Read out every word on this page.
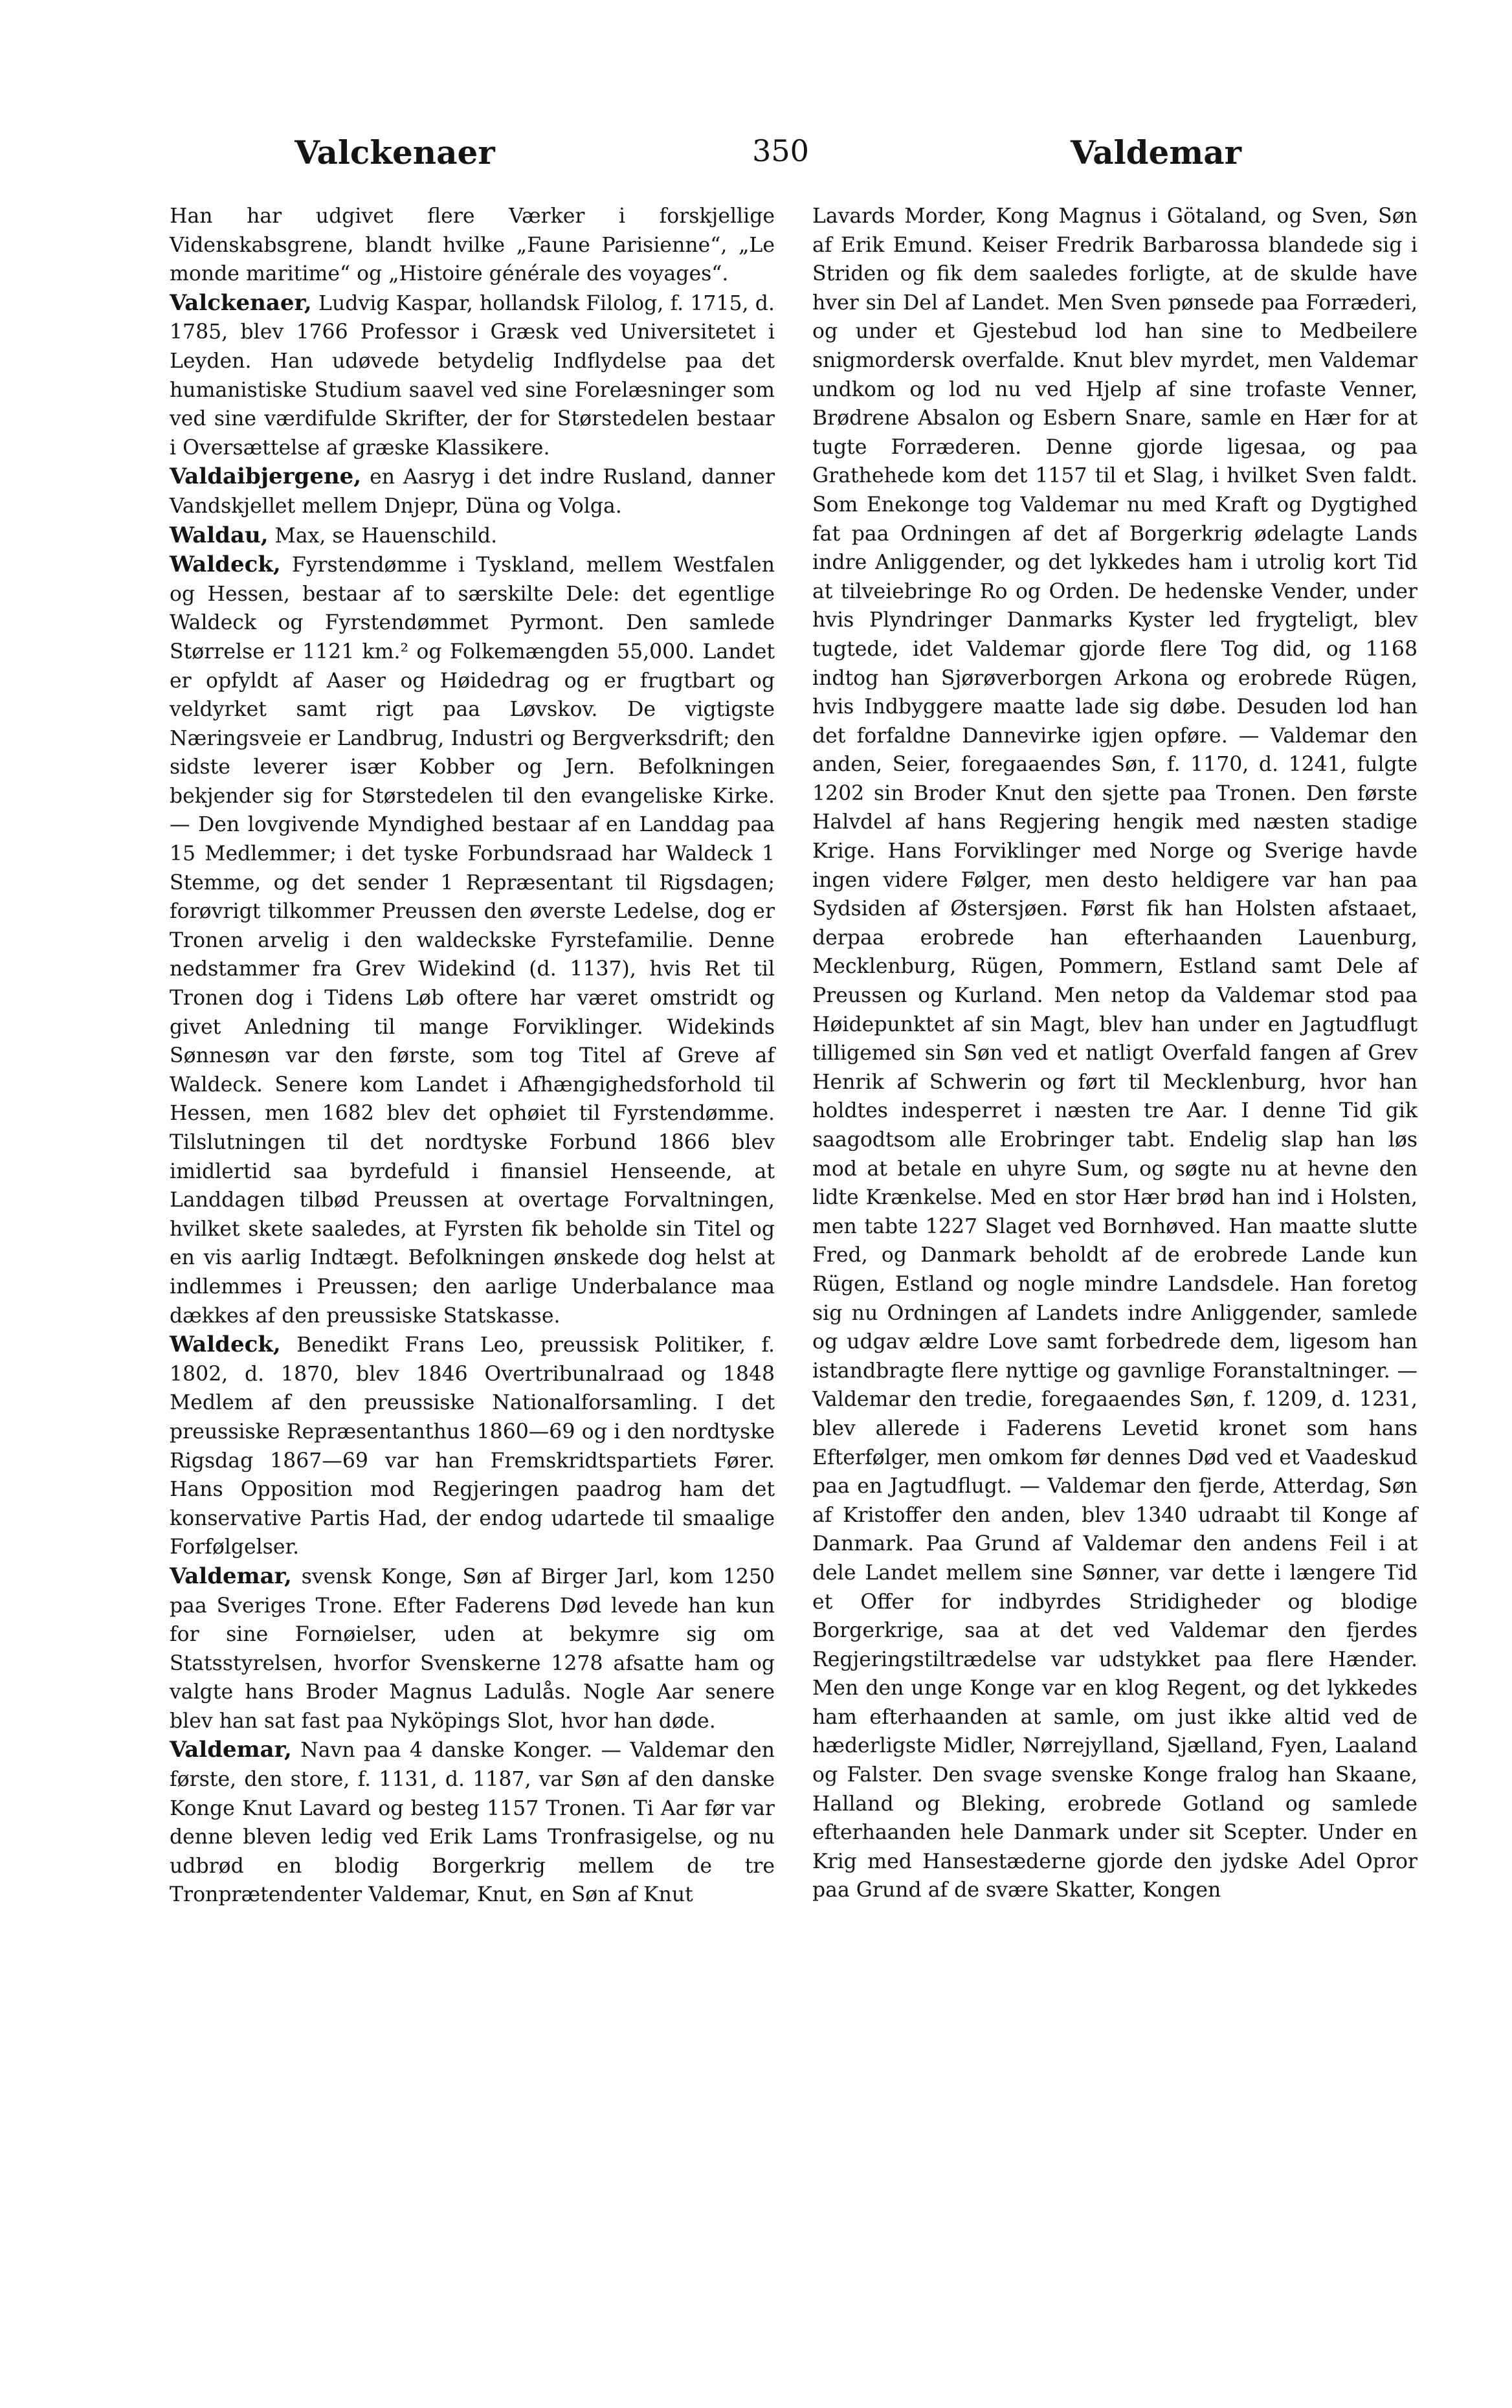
Valckenaer	350	Valdemar

Han har udgivet flere Værker i forskjellige Videnskabsgrene, blandt hvilke „Faune Parisienne“, „Le monde maritime“ og „Histoire générale des voyages“.

Valckenaer, Ludvig Kaspar, hollandsk Filolog, f. 1715, d. 1785, blev 1766 Professor i Græsk ved Universitetet i Leyden. Han udøvede betydelig Indflydelse paa det humanistiske Studium saavel ved sine Forelæsninger som ved sine værdifulde Skrifter, der for Størstedelen bestaar i Oversættelse af græske Klassikere.

Valdaibjergene, en Aasryg i det indre Rusland, danner Vandskjellet mellem Dnjepr, Düna og Volga.

Waldau, Max, se Hauenschild.

Waldeck, Fyrstendømme i Tyskland, mellem Westfalen og Hessen, bestaar af to særskilte Dele: det egentlige Waldeck og Fyrstendømmet Pyrmont. Den samlede Størrelse er 1121 km.² og Folkemængden 55,000. Landet er opfyldt af Aaser og Høidedrag og er frugtbart og veldyrket samt rigt paa Løvskov. De vigtigste Næringsveie er Landbrug, Industri og Bergverksdrift; den sidste leverer især Kobber og Jern. Befolkningen bekjender sig for Størstedelen til den evangeliske Kirke. — Den lovgivende Myndighed bestaar af en Landdag paa 15 Medlemmer; i det tyske Forbundsraad har Waldeck 1 Stemme, og det sender 1 Repræsentant til Rigsdagen; forøvrigt tilkommer Preussen den øverste Ledelse, dog er Tronen arvelig i den waldeckske Fyrstefamilie. Denne nedstammer fra Grev Widekind (d. 1137), hvis Ret til Tronen dog i Tidens Løb oftere har været omstridt og givet Anledning til mange Forviklinger. Widekinds Sønnesøn var den første, som tog Titel af Greve af Waldeck. Senere kom Landet i Afhængighedsforhold til Hessen, men 1682 blev det ophøiet til Fyrstendømme. Tilslutningen til det nordtyske Forbund 1866 blev imidlertid saa byrdefuld i finansiel Henseende, at Landdagen tilbød Preussen at overtage Forvaltningen, hvilket skete saaledes, at Fyrsten fik beholde sin Titel og en vis aarlig Indtægt. Befolkningen ønskede dog helst at indlemmes i Preussen; den aarlige Underbalance maa dækkes af den preussiske Statskasse.

Waldeck, Benedikt Frans Leo, preussisk Politiker, f. 1802, d. 1870, blev 1846 Overtribunalraad og 1848 Medlem af den preussiske Nationalforsamling. I det preussiske Repræsentanthus 1860—69 og i den nordtyske Rigsdag 1867—69 var han Fremskridtspartiets Fører. Hans Opposition mod Regjeringen paadrog ham det konservative Partis Had, der endog udartede til smaalige Forfølgelser.

Valdemar, svensk Konge, Søn af Birger Jarl, kom 1250 paa Sveriges Trone. Efter Faderens Død levede han kun for sine Fornøielser, uden at bekymre sig om Statsstyrelsen, hvorfor Svenskerne 1278 afsatte ham og valgte hans Broder Magnus Ladulås. Nogle Aar senere blev han sat fast paa Nyköpings Slot, hvor han døde.

Valdemar, Navn paa 4 danske Konger. — Valdemar den første, den store, f. 1131, d. 1187, var Søn af den danske Konge Knut Lavard og besteg 1157 Tronen. Ti Aar før var denne bleven ledig ved Erik Lams Tronfrasigelse, og nu udbrød en blodig Borgerkrig mellem de tre Tronprætendenter Valdemar, Knut, en Søn af Knut

Lavards Morder, Kong Magnus i Götaland, og Sven, Søn af Erik Emund. Keiser Fredrik Barbarossa blandede sig i Striden og fik dem saaledes forligte, at de skulde have hver sin Del af Landet. Men Sven pønsede paa Forræderi, og under et Gjestebud lod han sine to Medbeilere snigmordersk overfalde. Knut blev myrdet, men Valdemar undkom og lod nu ved Hjelp af sine trofaste Venner, Brødrene Absalon og Esbern Snare, samle en Hær for at tugte Forræderen. Denne gjorde ligesaa, og paa Grathehede kom det 1157 til et Slag, i hvilket Sven faldt. Som Enekonge tog Valdemar nu med Kraft og Dygtighed fat paa Ordningen af det af Borgerkrig ødelagte Lands indre Anliggender, og det lykkedes ham i utrolig kort Tid at tilveiebringe Ro og Orden. De hedenske Vender, under hvis Plyndringer Danmarks Kyster led frygteligt, blev tugtede, idet Valdemar gjorde flere Tog did, og 1168 indtog han Sjørøverborgen Arkona og erobrede Rügen, hvis Indbyggere maatte lade sig døbe. Desuden lod han det forfaldne Dannevirke igjen opføre. — Valdemar den anden, Seier, foregaaendes Søn, f. 1170, d. 1241, fulgte 1202 sin Broder Knut den sjette paa Tronen. Den første Halvdel af hans Regjering hengik med næsten stadige Krige. Hans Forviklinger med Norge og Sverige havde ingen videre Følger, men desto heldigere var han paa Sydsiden af Østersjøen. Først fik han Holsten afstaaet, derpaa erobrede han efterhaanden Lauenburg, Mecklenburg, Rügen, Pommern, Estland samt Dele af Preussen og Kurland. Men netop da Valdemar stod paa Høidepunktet af sin Magt, blev han under en Jagtudflugt tilligemed sin Søn ved et natligt Overfald fangen af Grev Henrik af Schwerin og ført til Mecklenburg, hvor han holdtes indesperret i næsten tre Aar. I denne Tid gik saagodtsom alle Erobringer tabt. Endelig slap han løs mod at betale en uhyre Sum, og søgte nu at hevne den lidte Krænkelse. Med en stor Hær brød han ind i Holsten, men tabte 1227 Slaget ved Bornhøved. Han maatte slutte Fred, og Danmark beholdt af de erobrede Lande kun Rügen, Estland og nogle mindre Landsdele. Han foretog sig nu Ordningen af Landets indre Anliggender, samlede og udgav ældre Love samt forbedrede dem, ligesom han istandbragte flere nyttige og gavnlige Foranstaltninger. — Valdemar den tredie, foregaaendes Søn, f. 1209, d. 1231, blev allerede i Faderens Levetid kronet som hans Efterfølger, men omkom før dennes Død ved et Vaadeskud paa en Jagtudflugt. — Valdemar den fjerde, Atterdag, Søn af Kristoffer den anden, blev 1340 udraabt til Konge af Danmark. Paa Grund af Valdemar den andens Feil i at dele Landet mellem sine Sønner, var dette i længere Tid et Offer for indbyrdes Stridigheder og blodige Borgerkrige, saa at det ved Valdemar den fjerdes Regjeringstiltrædelse var udstykket paa flere Hænder. Men den unge Konge var en klog Regent, og det lykkedes ham efterhaanden at samle, om just ikke altid ved de hæderligste Midler, Nørrejylland, Sjælland, Fyen, Laaland og Falster. Den svage svenske Konge fralog han Skaane, Halland og Bleking, erobrede Gotland og samlede efterhaanden hele Danmark under sit Scepter. Under en Krig med Hansestæderne gjorde den jydske Adel Opror paa Grund af de svære Skatter, Kongen
